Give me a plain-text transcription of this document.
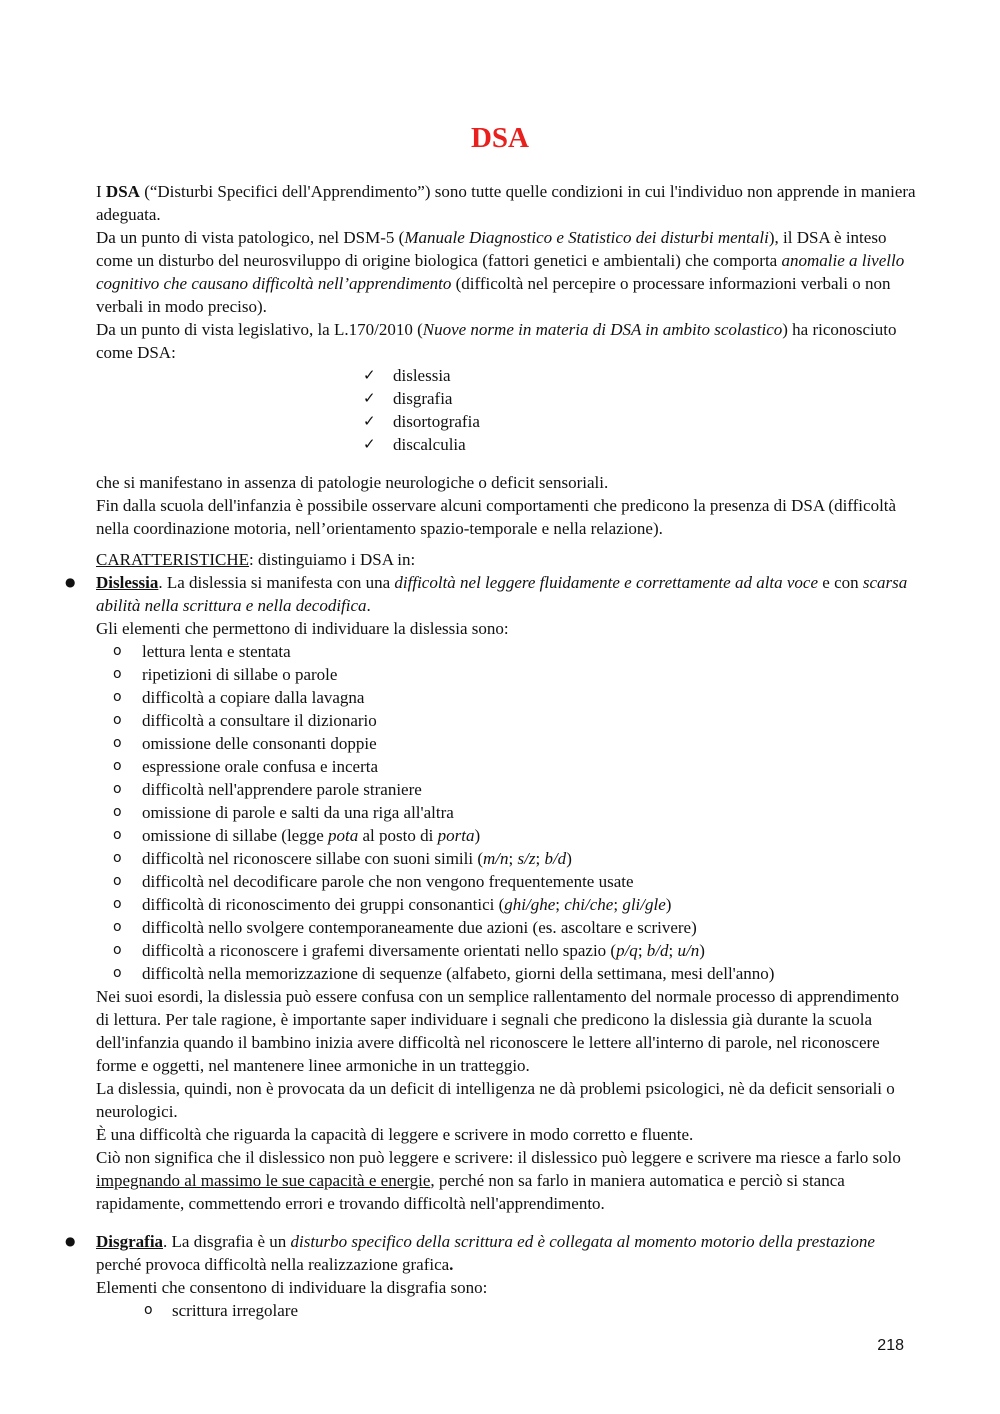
DSA

I DSA (“Disturbi Specifici dell'Apprendimento”) sono tutte quelle condizioni in cui l'individuo non apprende in maniera adeguata.

Da un punto di vista patologico, nel DSM-5 (Manuale Diagnostico e Statistico dei disturbi mentali), il DSA è inteso come un disturbo del neurosviluppo di origine biologica (fattori genetici e ambientali) che comporta anomalie a livello cognitivo che causano difficoltà nell’apprendimento (difficoltà nel percepire o processare informazioni verbali o non verbali in modo preciso).

Da un punto di vista legislativo, la L.170/2010 (Nuove norme in materia di DSA in ambito scolastico) ha riconosciuto come DSA:

✓ dislessia
✓ disgrafia
✓ disortografia
✓ discalculia

che si manifestano in assenza di patologie neurologiche o deficit sensoriali.

Fin dalla scuola dell'infanzia è possibile osservare alcuni comportamenti che predicono la presenza di DSA (difficoltà nella coordinazione motoria, nell’orientamento spazio-temporale e nella relazione).

CARATTERISTICHE: distinguiamo i DSA in:

● Dislessia. La dislessia si manifesta con una difficoltà nel leggere fluidamente e correttamente ad alta voce e con scarsa abilità nella scrittura e nella decodifica.

Gli elementi che permettono di individuare la dislessia sono:

o lettura lenta e stentata
o ripetizioni di sillabe o parole
o difficoltà a copiare dalla lavagna
o difficoltà a consultare il dizionario
o omissione delle consonanti doppie
o espressione orale confusa e incerta
o difficoltà nell'apprendere parole straniere
o omissione di parole e salti da una riga all'altra
o omissione di sillabe (legge pota al posto di porta)
o difficoltà nel riconoscere sillabe con suoni simili (m/n; s/z; b/d)
o difficoltà nel decodificare parole che non vengono frequentemente usate
o difficoltà di riconoscimento dei gruppi consonantici (ghi/ghe; chi/che; gli/gle)
o difficoltà nello svolgere contemporaneamente due azioni (es. ascoltare e scrivere)
o difficoltà a riconoscere i grafemi diversamente orientati nello spazio (p/q; b/d; u/n)
o difficoltà nella memorizzazione di sequenze (alfabeto, giorni della settimana, mesi dell'anno)

Nei suoi esordi, la dislessia può essere confusa con un semplice rallentamento del normale processo di apprendimento di lettura. Per tale ragione, è importante saper individuare i segnali che predicono la dislessia già durante la scuola dell'infanzia quando il bambino inizia avere difficoltà nel riconoscere le lettere all'interno di parole, nel riconoscere forme e oggetti, nel mantenere linee armoniche in un tratteggio.

La dislessia, quindi, non è provocata da un deficit di intelligenza ne dà problemi psicologici, nè da deficit sensoriali o neurologici.

È una difficoltà che riguarda la capacità di leggere e scrivere in modo corretto e fluente.

Ciò non significa che il dislessico non può leggere e scrivere: il dislessico può leggere e scrivere ma riesce a farlo solo impegnando al massimo le sue capacità e energie, perché non sa farlo in maniera automatica e perciò si stanca rapidamente, commettendo errori e trovando difficoltà nell'apprendimento.

● Disgrafia. La disgrafia è un disturbo specifico della scrittura ed è collegata al momento motorio della prestazione perché provoca difficoltà nella realizzazione grafica.

Elementi che consentono di individuare la disgrafia sono:

o scrittura irregolare
218
